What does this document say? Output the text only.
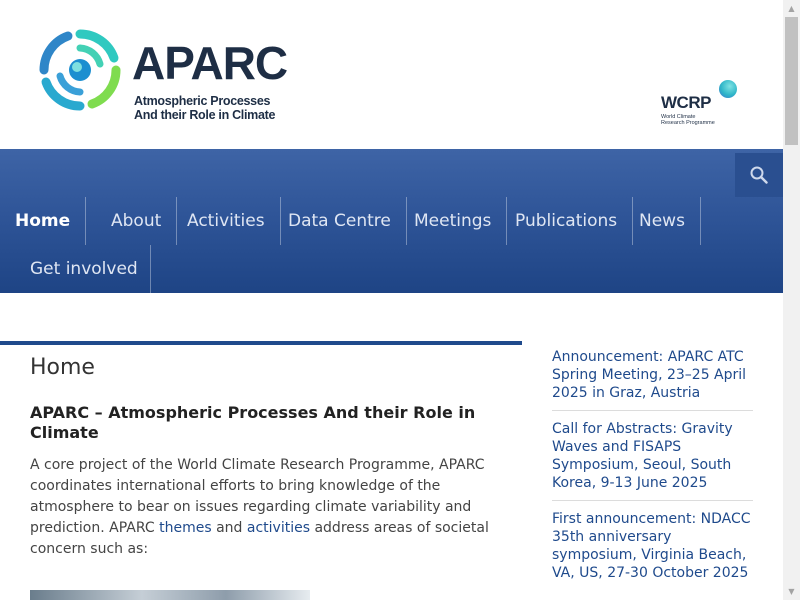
APARC
Atmospheric Processes
And their Role in Climate
WCRP
World Climate
Research Programme
Home	About	Activities	Data Centre	Meetings	Publications	News
Get involved
Home
APARC – Atmospheric Processes And their Role in Climate

A core project of the World Climate Research Programme, APARC coordinates international efforts to bring knowledge of the atmosphere to bear on issues regarding climate variability and prediction. APARC themes and activities address areas of societal concern such as:

Announcement: APARC ATC Spring Meeting, 23–25 April 2025 in Graz, Austria
Call for Abstracts: Gravity Waves and FISAPS Symposium, Seoul, South Korea, 9-13 June 2025
First announcement: NDACC 35th anniversary symposium, Virginia Beach, VA, US, 27-30 October 2025
▲
▼
